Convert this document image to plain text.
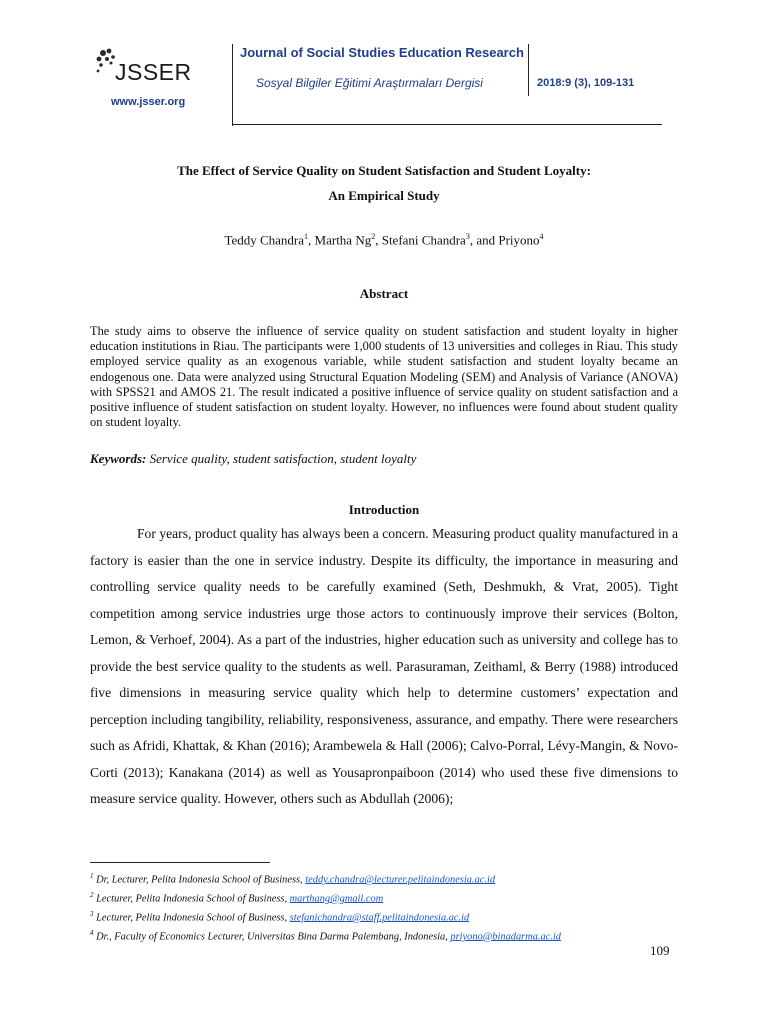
JSSER
www.jsser.org
Journal of Social Studies Education Research
Sosyal Bilgiler Eğitimi Araştırmaları Dergisi	2018:9 (3), 109-131
The Effect of Service Quality on Student Satisfaction and Student Loyalty:
An Empirical Study
Teddy Chandra$^1$, Martha Ng$^2$, Stefani Chandra$^3$, and Priyono$^4$
Abstract
The study aims to observe the influence of service quality on student satisfaction and student loyalty in higher education institutions in Riau. The participants were 1,000 students of 13 universities and colleges in Riau. This study employed service quality as an exogenous variable, while student satisfaction and student loyalty became an endogenous one. Data were analyzed using Structural Equation Modeling (SEM) and Analysis of Variance (ANOVA) with SPSS21 and AMOS 21. The result indicated a positive influence of service quality on student satisfaction and a positive influence of student satisfaction on student loyalty. However, no influences were found about student quality on student loyalty.
Keywords: Service quality, student satisfaction, student loyalty
Introduction

For years, product quality has always been a concern. Measuring product quality manufactured in a factory is easier than the one in service industry. Despite its difficulty, the importance in measuring and controlling service quality needs to be carefully examined (Seth, Deshmukh, & Vrat, 2005). Tight competition among service industries urge those actors to continuously improve their services (Bolton, Lemon, & Verhoef, 2004). As a part of the industries, higher education such as university and college has to provide the best service quality to the students as well. Parasuraman, Zeithaml, & Berry (1988) introduced five dimensions in measuring service quality which help to determine customers’ expectation and perception including tangibility, reliability, responsiveness, assurance, and empathy. There were researchers such as Afridi, Khattak, & Khan (2016); Arambewela & Hall (2006); Calvo-Porral, Lévy-Mangin, & Novo-Corti (2013); Kanakana (2014) as well as Yousapronpaiboon (2014) who used these five dimensions to measure service quality. However, others such as Abdullah (2006);

$^1$ Dr, Lecturer, Pelita Indonesia School of Business, teddy.chandra@lecturer.pelitaindonesia.ac.id
$^2$ Lecturer, Pelita Indonesia School of Business, marthang@gmail.com
$^3$ Lecturer, Pelita Indonesia School of Business, stefanichandra@staff.pelitaindonesia.ac.id
$^4$ Dr., Faculty of Economics Lecturer, Universitas Bina Darma Palembang, Indonesia, priyono@binadarma.ac.id
109
